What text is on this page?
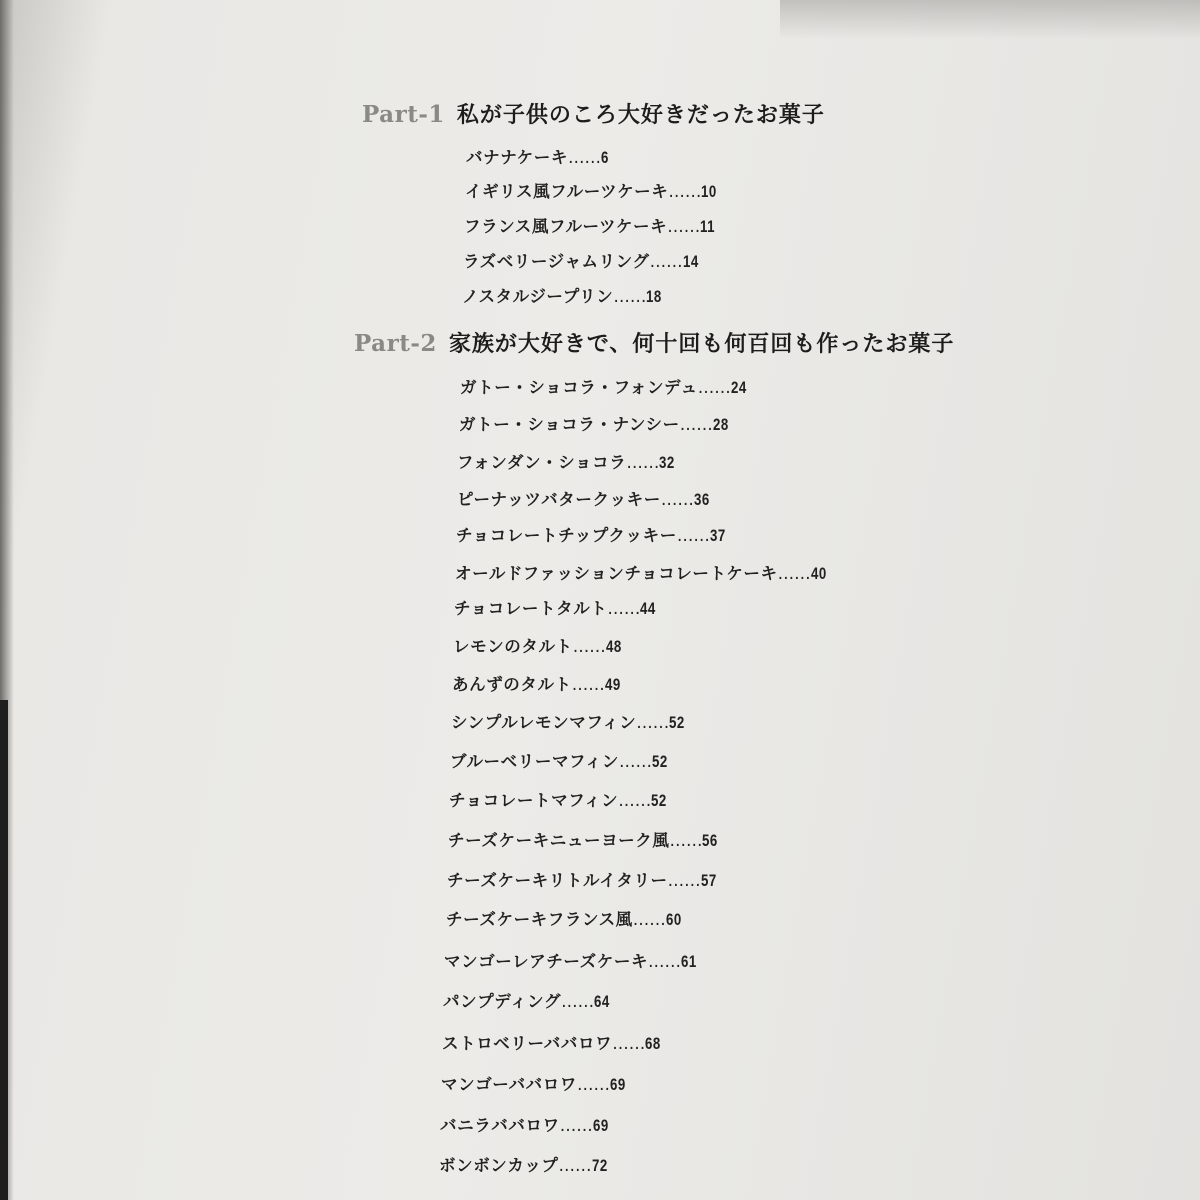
Part-1 私が子供のころ大好きだったお菓子
バナナケーキ……6
イギリス風フルーツケーキ……10
フランス風フルーツケーキ……11
ラズベリージャムリング……14
ノスタルジープリン……18
Part-2 家族が大好きで、何十回も何百回も作ったお菓子
ガトー・ショコラ・フォンデュ……24
ガトー・ショコラ・ナンシー……28
フォンダン・ショコラ……32
ピーナッツバタークッキー……36
チョコレートチップクッキー……37
オールドファッションチョコレートケーキ……40
チョコレートタルト……44
レモンのタルト……48
あんずのタルト……49
シンプルレモンマフィン……52
ブルーベリーマフィン……52
チョコレートマフィン……52
チーズケーキニューヨーク風……56
チーズケーキリトルイタリー……57
チーズケーキフランス風……60
マンゴーレアチーズケーキ……61
パンプディング……64
ストロベリーババロワ……68
マンゴーババロワ……69
バニラババロワ……69
ボンボンカップ……72
